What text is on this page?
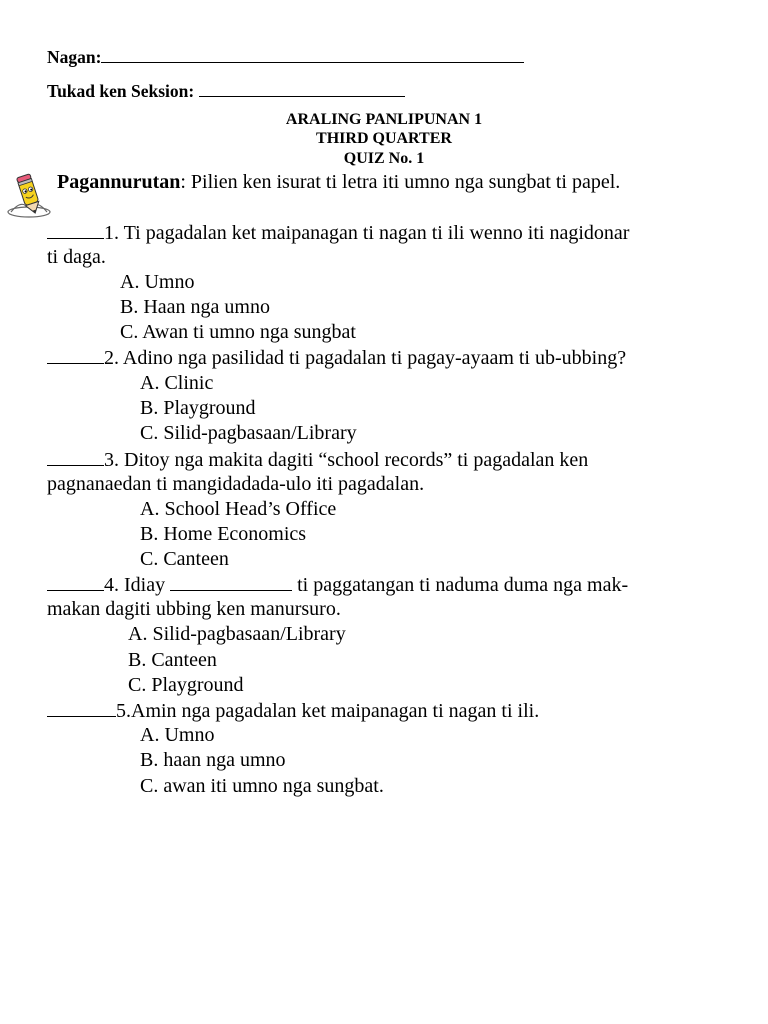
Nagan:
Tukad ken Seksion:
ARALING PANLIPUNAN 1
THIRD QUARTER
QUIZ No. 1
Pagannurutan: Pilien ken isurat ti letra iti umno nga sungbat ti papel.
1. Ti pagadalan ket maipanagan ti nagan ti ili wenno iti nagidonar
ti daga.
A. Umno
B. Haan nga umno
C. Awan ti umno nga sungbat
2. Adino nga pasilidad ti pagadalan ti pagay-ayaam ti ub-ubbing?
A. Clinic
B. Playground
C. Silid-pagbasaan/Library
3. Ditoy nga makita dagiti “school records” ti pagadalan ken
pagnanaedan ti mangidadada-ulo iti pagadalan.
A. School Head’s Office
B. Home Economics
C. Canteen
4. Idiay	ti paggatangan ti naduma duma nga mak-
makan dagiti ubbing ken manursuro.
A. Silid-pagbasaan/Library
B. Canteen
C. Playground
5.Amin nga pagadalan ket maipanagan ti nagan ti ili.
A. Umno
B. haan nga umno
C. awan iti umno nga sungbat.
